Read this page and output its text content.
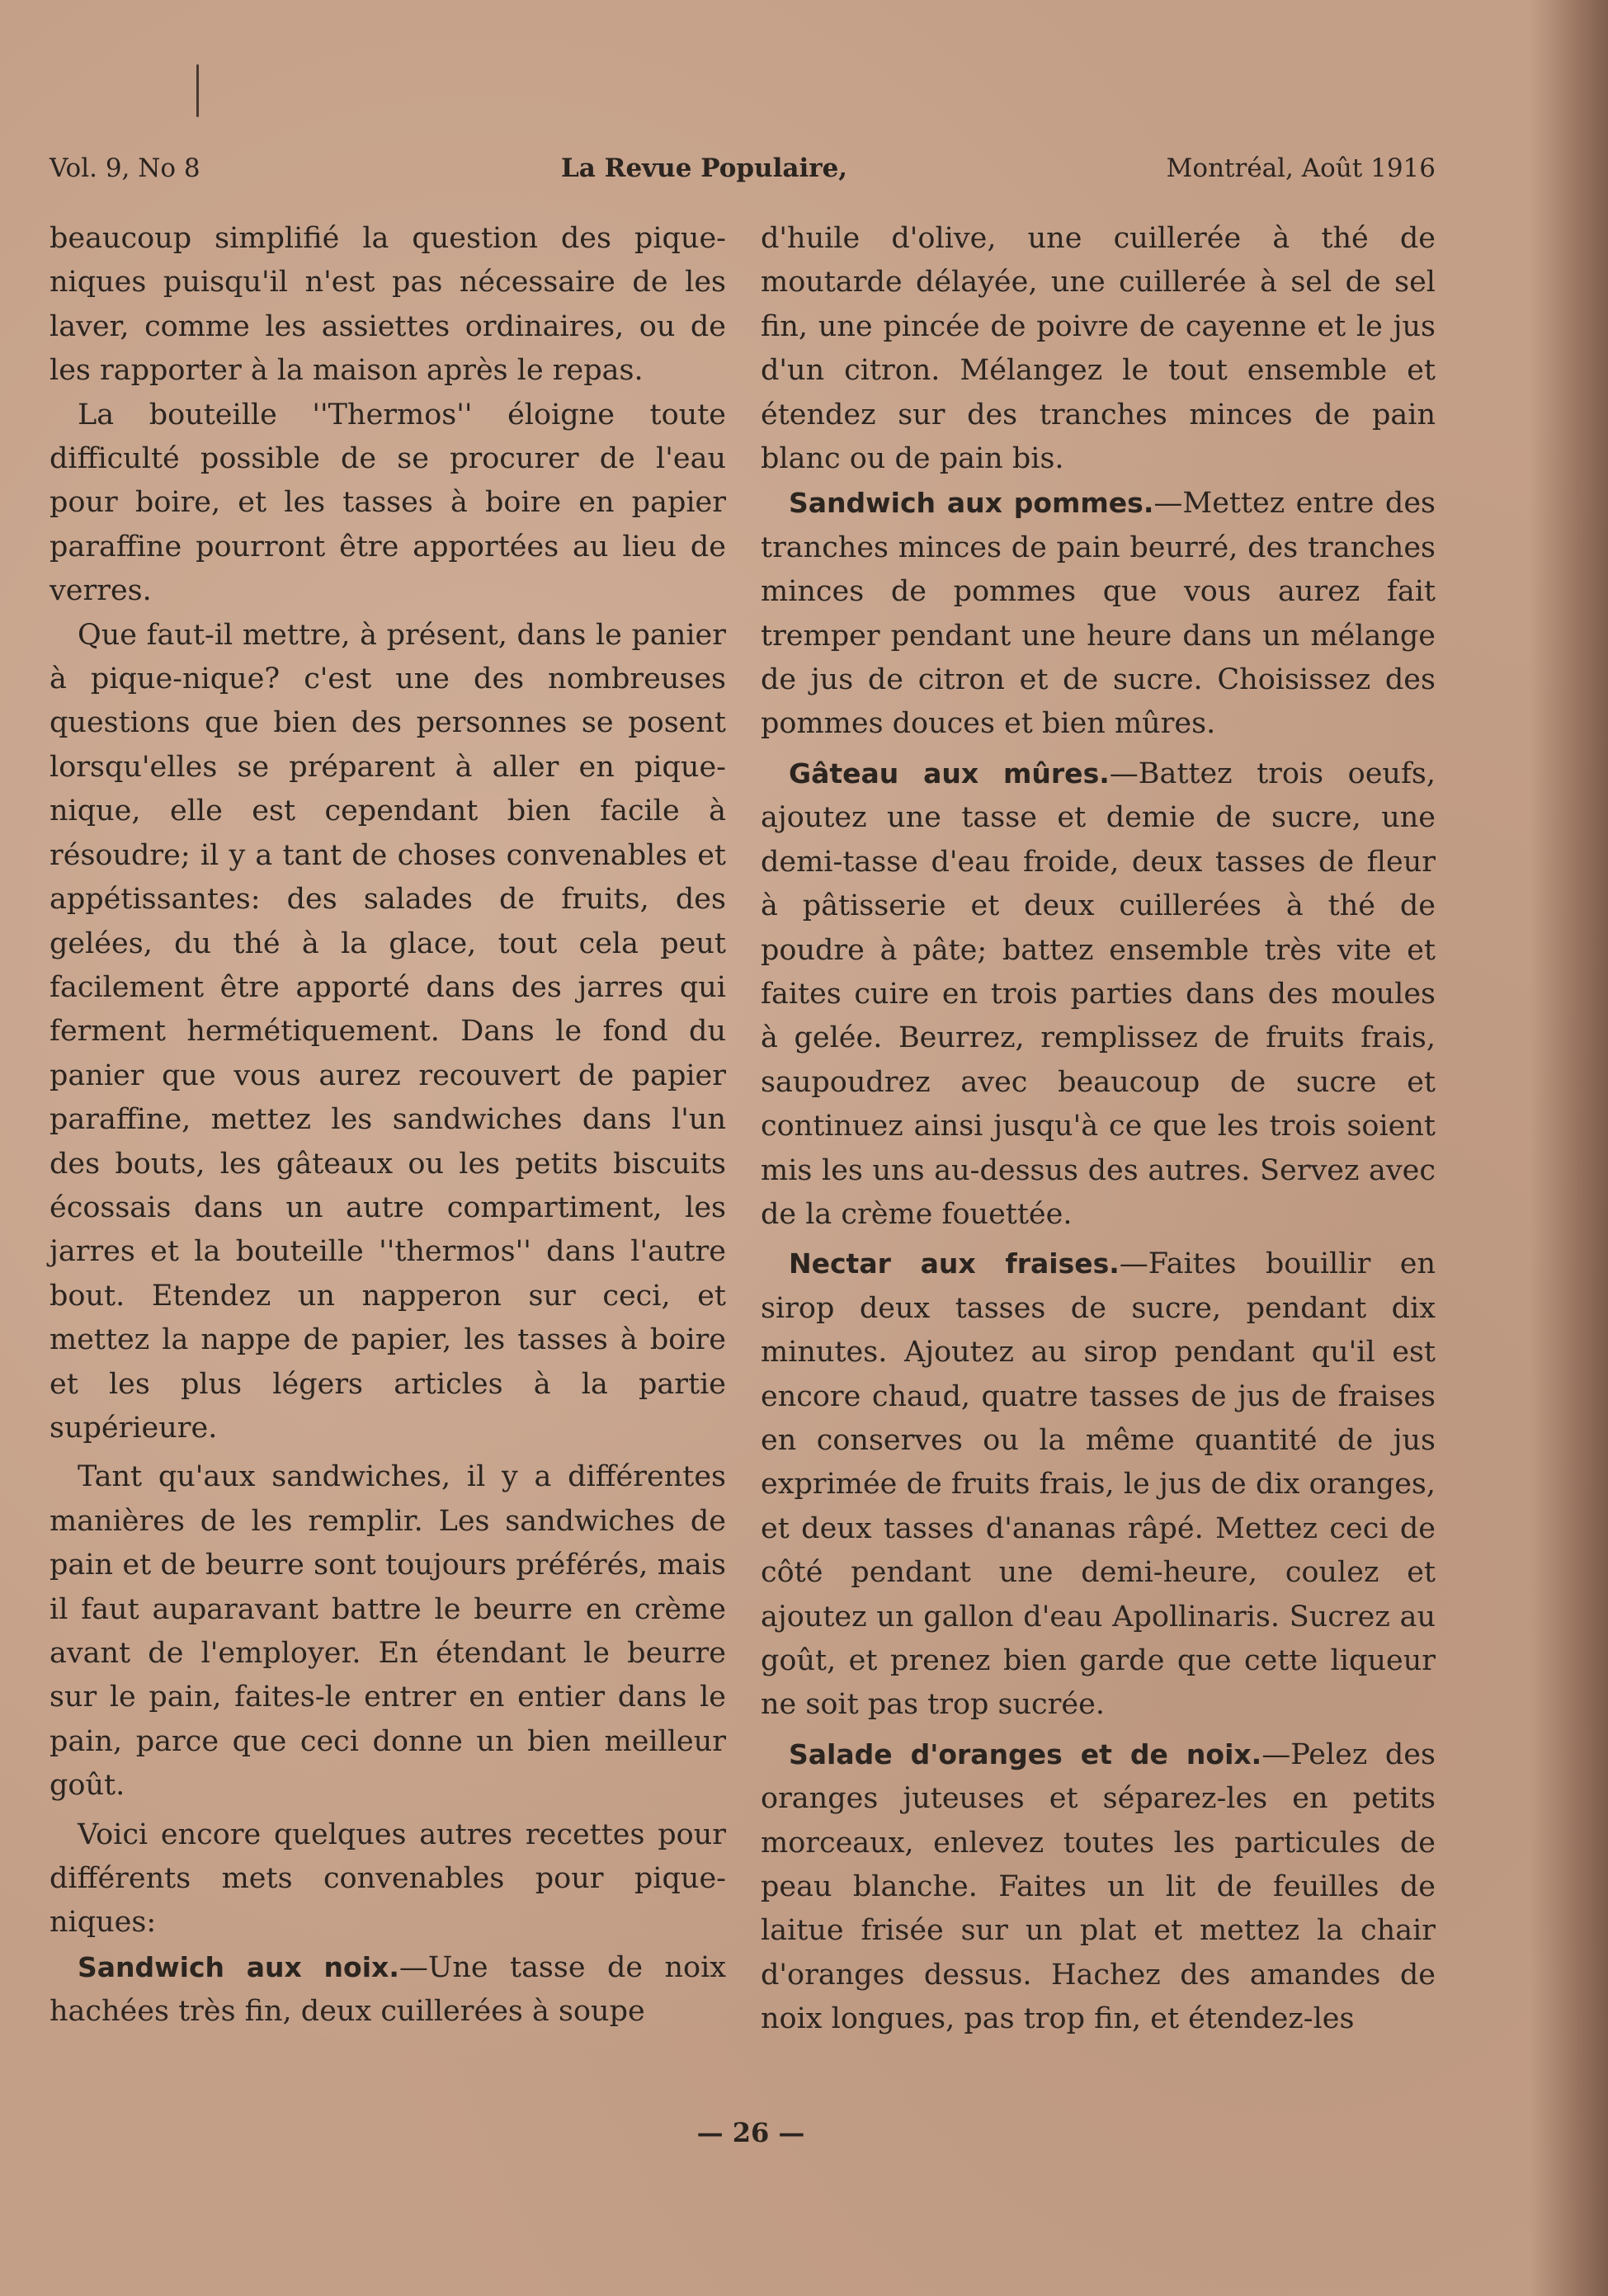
Vol. 9, No 8	La Revue Populaire,	Montréal, Août 1916

beaucoup simplifié la question des pique-niques puisqu'il n'est pas nécessaire de les laver, comme les assiettes ordinaires, ou de les rapporter à la maison après le repas.

La bouteille ''Thermos'' éloigne toute difficulté possible de se procurer de l'eau pour boire, et les tasses à boire en papier paraffine pourront être apportées au lieu de verres.

Que faut-il mettre, à présent, dans le panier à pique-nique? c'est une des nombreuses questions que bien des personnes se posent lorsqu'elles se préparent à aller en pique-nique, elle est cependant bien facile à résoudre; il y a tant de choses convenables et appétissantes: des salades de fruits, des gelées, du thé à la glace, tout cela peut facilement être apporté dans des jarres qui ferment hermétiquement. Dans le fond du panier que vous aurez recouvert de papier paraffine, mettez les sandwiches dans l'un des bouts, les gâteaux ou les petits biscuits écossais dans un autre compartiment, les jarres et la bouteille ''thermos'' dans l'autre bout. Etendez un napperon sur ceci, et mettez la nappe de papier, les tasses à boire et les plus légers articles à la partie supérieure.

Tant qu'aux sandwiches, il y a différentes manières de les remplir. Les sandwiches de pain et de beurre sont toujours préférés, mais il faut auparavant battre le beurre en crème avant de l'employer. En étendant le beurre sur le pain, faites-le entrer en entier dans le pain, parce que ceci donne un bien meilleur goût.

Voici encore quelques autres recettes pour différents mets convenables pour pique-niques:

Sandwich aux noix.—Une tasse de noix hachées très fin, deux cuillerées à soupe

d'huile d'olive, une cuillerée à thé de moutarde délayée, une cuillerée à sel de sel fin, une pincée de poivre de cayenne et le jus d'un citron. Mélangez le tout ensemble et étendez sur des tranches minces de pain blanc ou de pain bis.

Sandwich aux pommes.—Mettez entre des tranches minces de pain beurré, des tranches minces de pommes que vous aurez fait tremper pendant une heure dans un mélange de jus de citron et de sucre. Choisissez des pommes douces et bien mûres.

Gâteau aux mûres.—Battez trois oeufs, ajoutez une tasse et demie de sucre, une demi-tasse d'eau froide, deux tasses de fleur à pâtisserie et deux cuillerées à thé de poudre à pâte; battez ensemble très vite et faites cuire en trois parties dans des moules à gelée. Beurrez, remplissez de fruits frais, saupoudrez avec beaucoup de sucre et continuez ainsi jusqu'à ce que les trois soient mis les uns au-dessus des autres. Servez avec de la crème fouettée.

Nectar aux fraises.—Faites bouillir en sirop deux tasses de sucre, pendant dix minutes. Ajoutez au sirop pendant qu'il est encore chaud, quatre tasses de jus de fraises en conserves ou la même quantité de jus exprimée de fruits frais, le jus de dix oranges, et deux tasses d'ananas râpé. Mettez ceci de côté pendant une demi-heure, coulez et ajoutez un gallon d'eau Apollinaris. Sucrez au goût, et prenez bien garde que cette liqueur ne soit pas trop sucrée.

Salade d'oranges et de noix.—Pelez des oranges juteuses et séparez-les en petits morceaux, enlevez toutes les particules de peau blanche. Faites un lit de feuilles de laitue frisée sur un plat et mettez la chair d'oranges dessus. Hachez des amandes de noix longues, pas trop fin, et étendez-les

— 26 —
